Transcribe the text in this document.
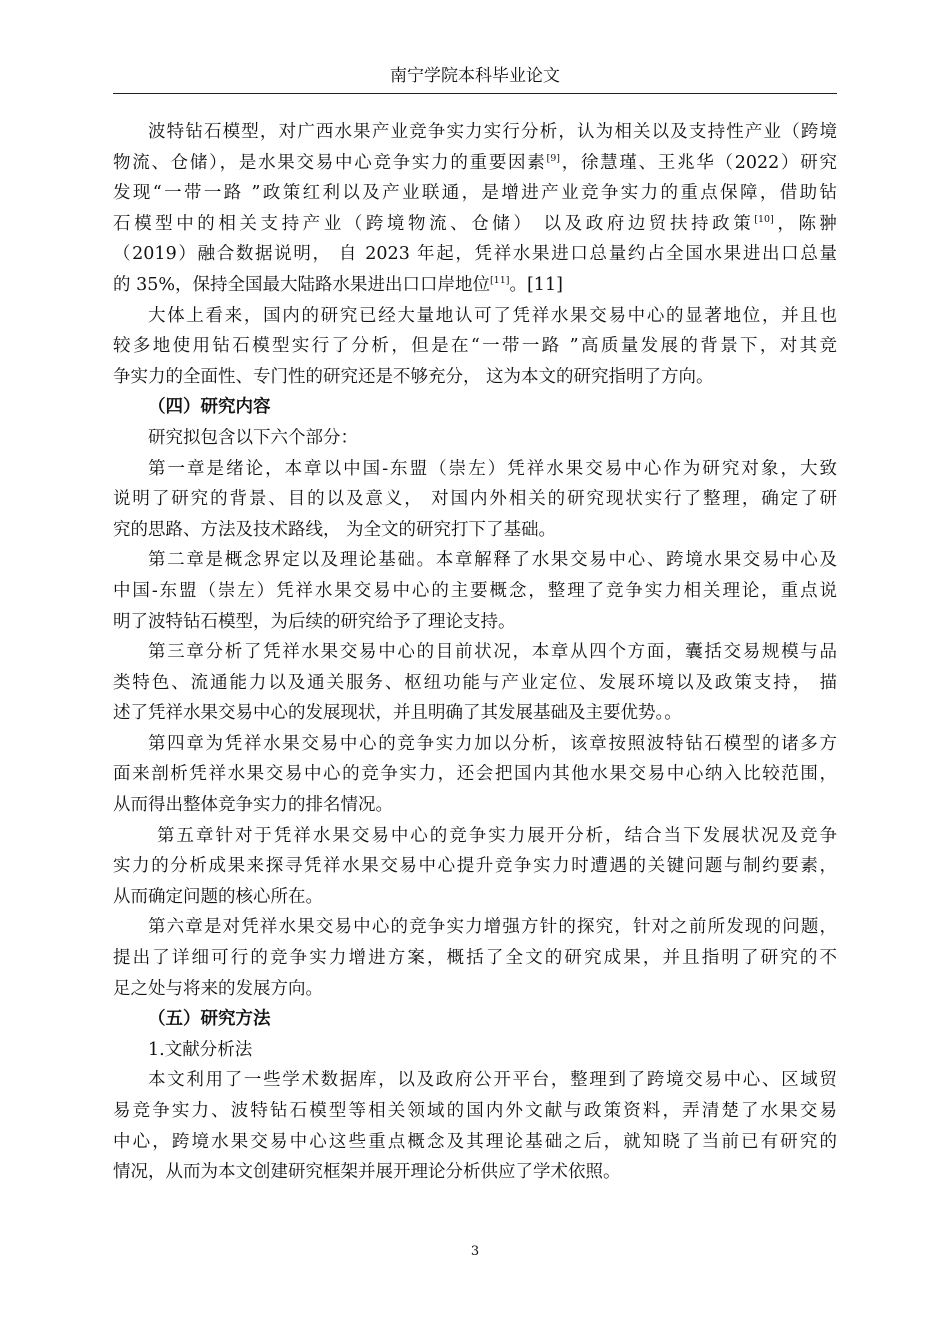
南宁学院本科毕业论文
波特钻石模型，对广西水果产业竞争实力实行分析，认为相关以及支持性产业（跨境
物流、仓储），是水果交易中心竞争实力的重要因素[9]，徐慧瑾、王兆华（2022）研究
发现“一带一路 ”政策红利以及产业联通，是增进产业竞争实力的重点保障，借助钻
石模型中的相关支持产业（跨境物流、仓储） 以及政府边贸扶持政策[10]，陈翀
（2019）融合数据说明， 自 2023 年起，凭祥水果进口总量约占全国水果进出口总量
的 35%，保持全国最大陆路水果进出口口岸地位[11]。[11]
大体上看来，国内的研究已经大量地认可了凭祥水果交易中心的显著地位，并且也
较多地使用钻石模型实行了分析，但是在“一带一路 ”高质量发展的背景下，对其竞
争实力的全面性、专门性的研究还是不够充分， 这为本文的研究指明了方向。
（四）研究内容
研究拟包含以下六个部分：
第一章是绪论，本章以中国-东盟（崇左）凭祥水果交易中心作为研究对象，大致
说明了研究的背景、目的以及意义， 对国内外相关的研究现状实行了整理，确定了研
究的思路、方法及技术路线， 为全文的研究打下了基础。
第二章是概念界定以及理论基础。本章解释了水果交易中心、跨境水果交易中心及
中国-东盟（崇左）凭祥水果交易中心的主要概念，整理了竞争实力相关理论，重点说
明了波特钻石模型，为后续的研究给予了理论支持。
第三章分析了凭祥水果交易中心的目前状况，本章从四个方面，囊括交易规模与品
类特色、流通能力以及通关服务、枢纽功能与产业定位、发展环境以及政策支持， 描
述了凭祥水果交易中心的发展现状，并且明确了其发展基础及主要优势。。
第四章为凭祥水果交易中心的竞争实力加以分析，该章按照波特钻石模型的诸多方
面来剖析凭祥水果交易中心的竞争实力，还会把国内其他水果交易中心纳入比较范围，
从而得出整体竞争实力的排名情况。
第五章针对于凭祥水果交易中心的竞争实力展开分析，结合当下发展状况及竞争
实力的分析成果来探寻凭祥水果交易中心提升竞争实力时遭遇的关键问题与制约要素，
从而确定问题的核心所在。
第六章是对凭祥水果交易中心的竞争实力增强方针的探究，针对之前所发现的问题，
提出了详细可行的竞争实力增进方案，概括了全文的研究成果，并且指明了研究的不
足之处与将来的发展方向。
（五）研究方法
1.文献分析法
本文利用了一些学术数据库，以及政府公开平台，整理到了跨境交易中心、区域贸
易竞争实力、波特钻石模型等相关领域的国内外文献与政策资料，弄清楚了水果交易
中心，跨境水果交易中心这些重点概念及其理论基础之后，就知晓了当前已有研究的
情况，从而为本文创建研究框架并展开理论分析供应了学术依照。
3
